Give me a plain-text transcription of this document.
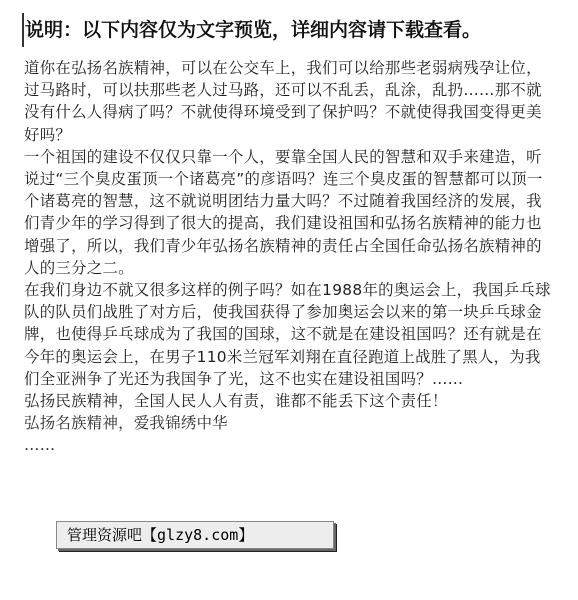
说明：以下内容仅为文字预览，详细内容请下载查看。

道你在弘扬名族精神，可以在公交车上，我们可以给那些老弱病残孕让位，过马路时，可以扶那些老人过马路，还可以不乱丢，乱涂，乱扔……那不就没有什么人得病了吗？不就使得环境受到了保护吗？不就使得我国变得更美好吗？

一个祖国的建设不仅仅只靠一个人，要靠全国人民的智慧和双手来建造，听说过“三个臭皮蛋顶一个诸葛亮”的彦语吗？连三个臭皮蛋的智慧都可以顶一个诸葛亮的智慧，这不就说明团结力量大吗？不过随着我国经济的发展，我们青少年的学习得到了很大的提高，我们建设祖国和弘扬名族精神的能力也增强了，所以，我们青少年弘扬名族精神的责任占全国任命弘扬名族精神的人的三分之二。

在我们身边不就又很多这样的例子吗？如在1988年的奥运会上，我国乒乓球队的队员们战胜了对方后，使我国获得了参加奥运会以来的第一块乒乓球金牌，也使得乒乓球成为了我国的国球，这不就是在建设祖国吗？还有就是在今年的奥运会上，在男子110米兰冠军刘翔在直径跑道上战胜了黑人，为我们全亚洲争了光还为我国争了光，这不也实在建设祖国吗？……

弘扬民族精神，全国人民人人有责，谁都不能丢下这个责任！

弘扬名族精神，爱我锦绣中华

……

管理资源吧【glzy8.com】
